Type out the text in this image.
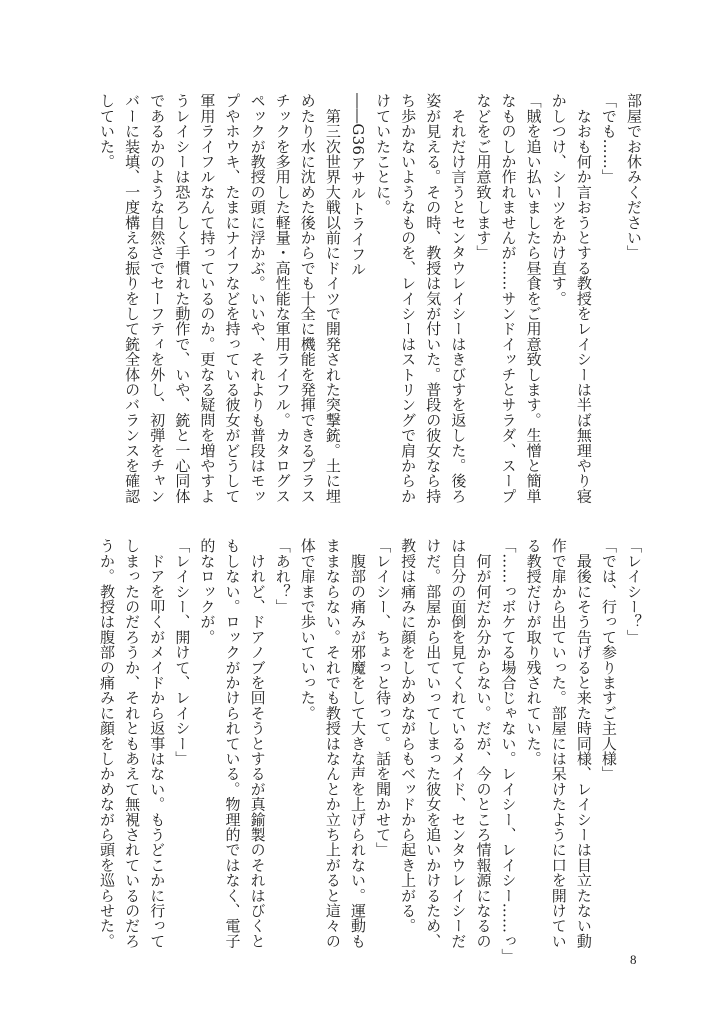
部屋でお休みください」
「でも……」
　なおも何か言おうとする教授をレイシーは半ば無理やり寝
かしつけ、シーツをかけ直す。
「賊を追い払いましたら昼食をご用意致します。生憎と簡単
なものしか作れませんが……サンドイッチとサラダ、スープ
などをご用意致します」
　それだけ言うとセンタウレイシーはきびすを返した。後ろ
姿が見える。その時、教授は気が付いた。普段の彼女なら持
ち歩かないようなものを、レイシーはストリングで肩からか
けていたことに。
――G36アサルトライフル
　第三次世界大戦以前にドイツで開発された突撃銃。土に埋
めたり水に沈めた後からでも十全に機能を発揮できるプラス
チックを多用した軽量・高性能な軍用ライフル。カタログス
ペックが教授の頭に浮かぶ。いいや、それよりも普段はモッ
プやホウキ、たまにナイフなどを持っている彼女がどうして
軍用ライフルなんて持っているのか。更なる疑問を増やすよ
うレイシーは恐ろしく手慣れた動作で、いや、銃と一心同体
であるかのような自然さでセーフティを外し、初弾をチャン
バーに装填、一度構える振りをして銃全体のバランスを確認
していた。
「レイシー？」
「では、行って参りますご主人様」
　最後にそう告げると来た時同様、レイシーは目立たない動
作で扉から出ていった。部屋には呆けたように口を開けてい
る教授だけが取り残されていた。
「……っボケてる場合じゃない。レイシー、レイシー……っ」
　何が何だか分からない。だが、今のところ情報源になるの
は自分の面倒を見てくれているメイド、センタウレイシーだ
けだ。部屋から出ていってしまった彼女を追いかけるため、
教授は痛みに顔をしかめながらもベッドから起き上がる。
「レイシー、ちょっと待って。話を聞かせて」
　腹部の痛みが邪魔をして大きな声を上げられない。運動も
ままならない。それでも教授はなんとか立ち上がると這々の
体で扉まで歩いていった。
「あれ？」
　けれど、ドアノブを回そうとするが真鍮製のそれはびくと
もしない。ロックがかけられている。物理的ではなく、電子
的なロックが。
「レイシー、開けて、レイシー」
　ドアを叩くがメイドから返事はない。もうどこかに行って
しまったのだろうか、それともあえて無視されているのだろ
うか。教授は腹部の痛みに顔をしかめながら頭を巡らせた。
8
